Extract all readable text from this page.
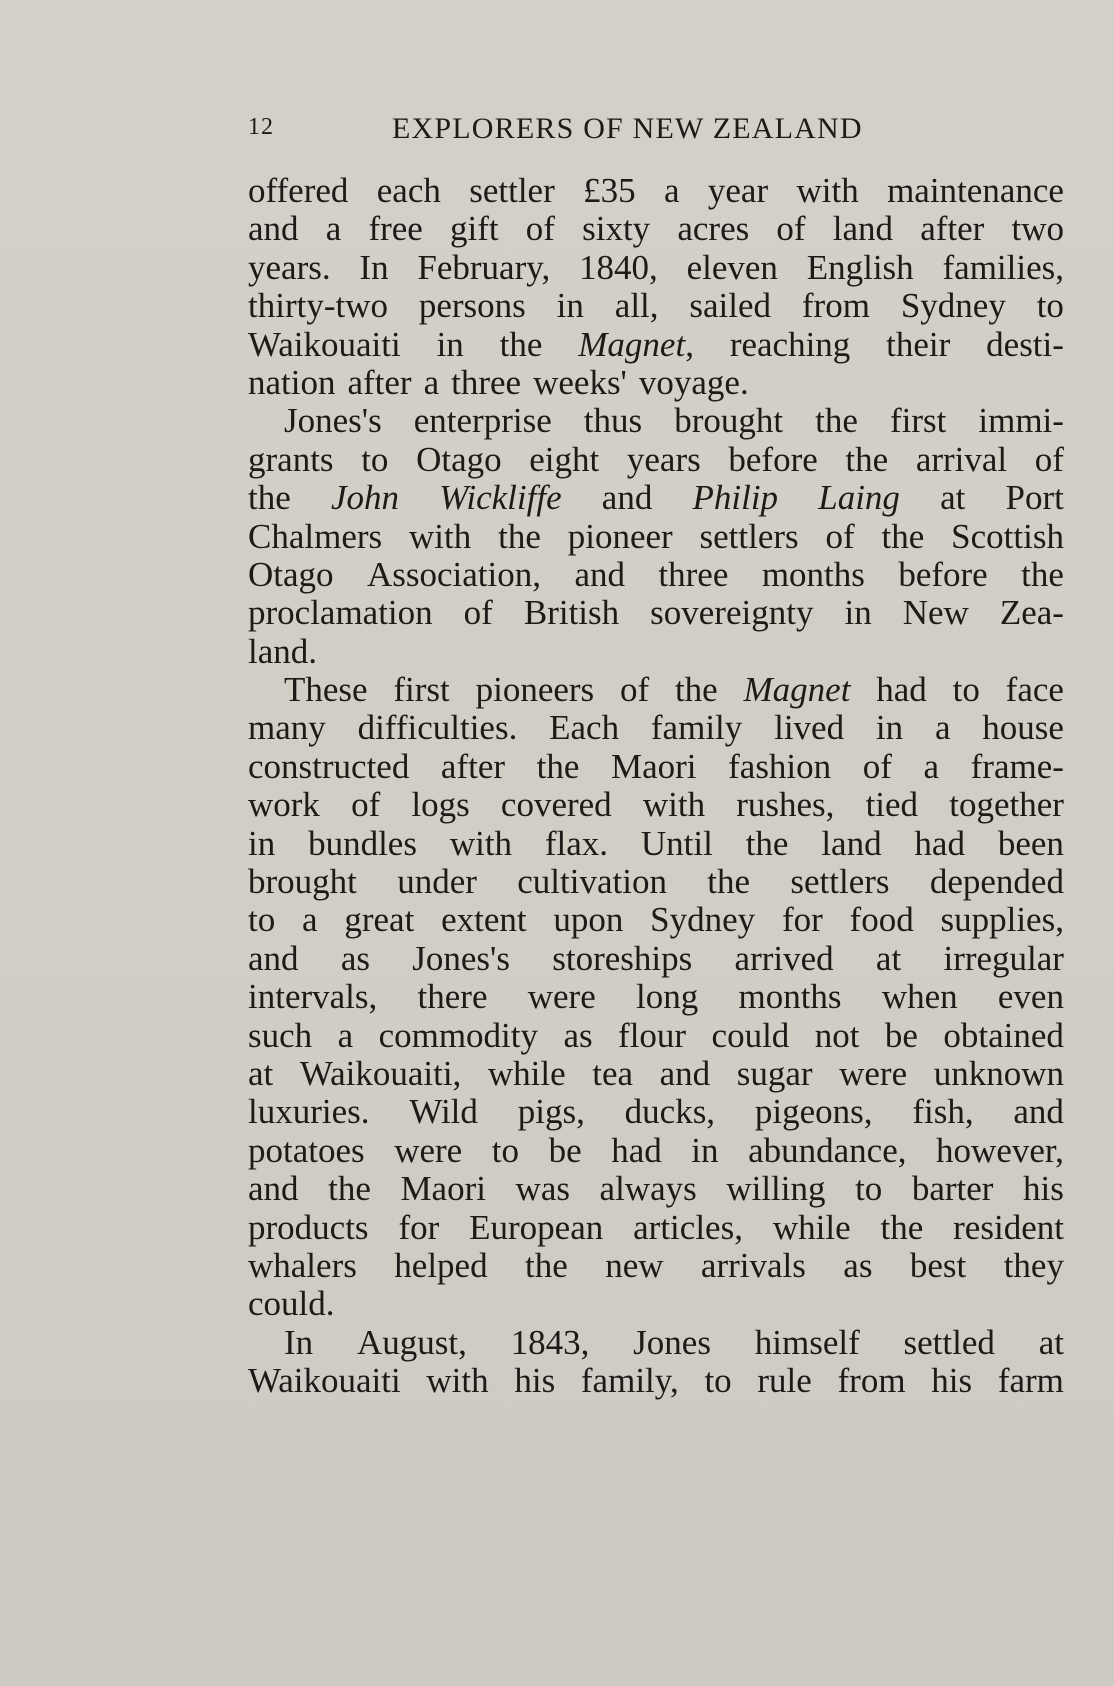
12	EXPLORERS OF NEW ZEALAND
offered each settler £35 a year with maintenance
and a free gift of sixty acres of land after two
years. In February, 1840, eleven English families,
thirty-two persons in all, sailed from Sydney to
Waikouaiti in the Magnet, reaching their desti-
nation after a three weeks' voyage.
Jones's enterprise thus brought the first immi-
grants to Otago eight years before the arrival of
the John Wickliffe and Philip Laing at Port
Chalmers with the pioneer settlers of the Scottish
Otago Association, and three months before the
proclamation of British sovereignty in New Zea-
land.
These first pioneers of the Magnet had to face
many difficulties. Each family lived in a house
constructed after the Maori fashion of a frame-
work of logs covered with rushes, tied together
in bundles with flax. Until the land had been
brought under cultivation the settlers depended
to a great extent upon Sydney for food supplies,
and as Jones's storeships arrived at irregular
intervals, there were long months when even
such a commodity as flour could not be obtained
at Waikouaiti, while tea and sugar were unknown
luxuries. Wild pigs, ducks, pigeons, fish, and
potatoes were to be had in abundance, however,
and the Maori was always willing to barter his
products for European articles, while the resident
whalers helped the new arrivals as best they
could.
In August, 1843, Jones himself settled at
Waikouaiti with his family, to rule from his farm
